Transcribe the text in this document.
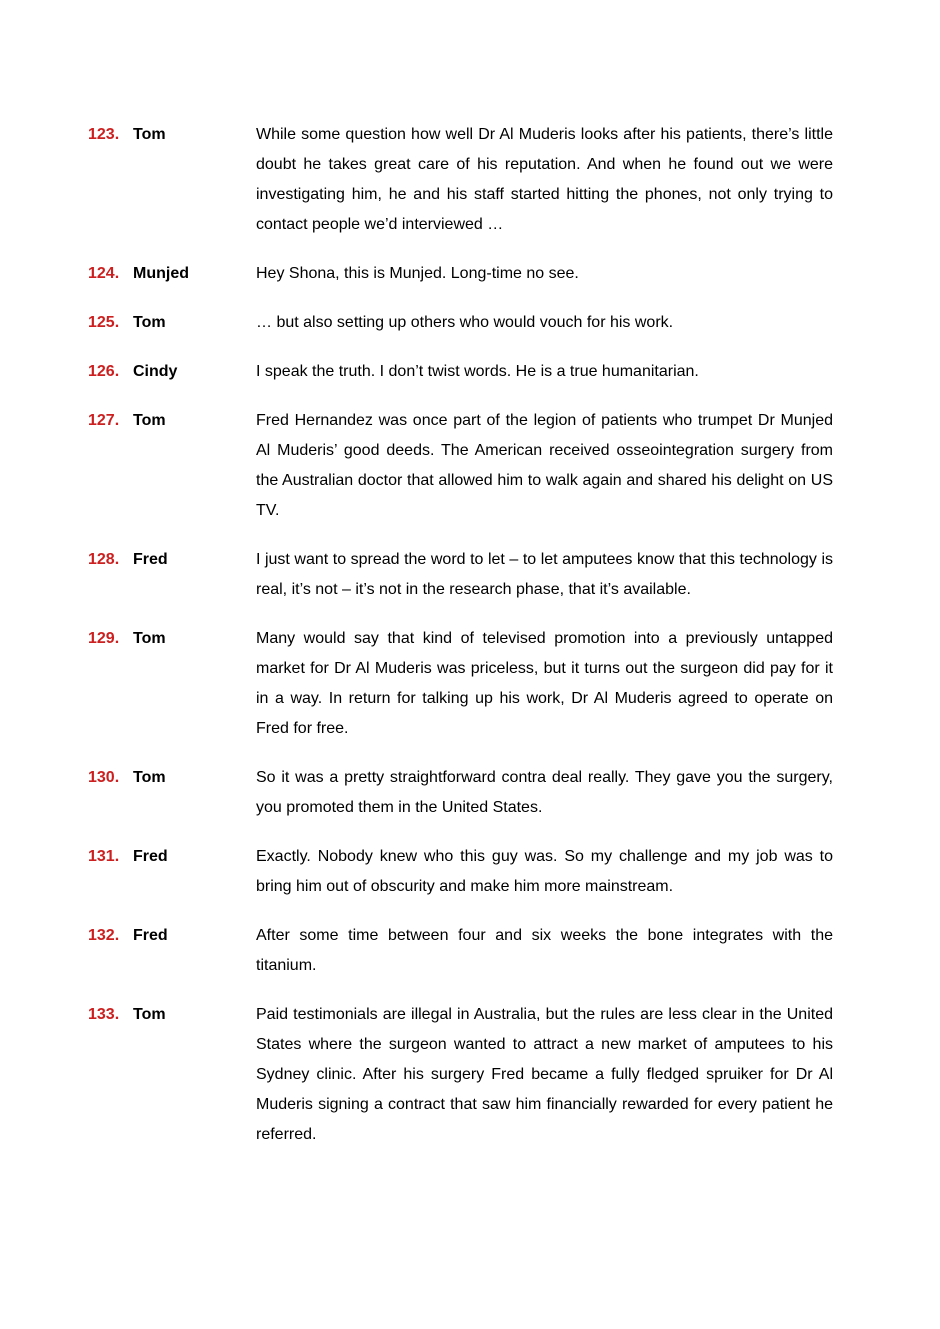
123. Tom	While some question how well Dr Al Muderis looks after his patients, there’s little doubt he takes great care of his reputation. And when he found out we were investigating him, he and his staff started hitting the phones, not only trying to contact people we’d interviewed …
124. Munjed	Hey Shona, this is Munjed. Long-time no see.
125. Tom	… but also setting up others who would vouch for his work.
126. Cindy	I speak the truth. I don’t twist words. He is a true humanitarian.
127. Tom	Fred Hernandez was once part of the legion of patients who trumpet Dr Munjed Al Muderis’ good deeds. The American received osseointegration surgery from the Australian doctor that allowed him to walk again and shared his delight on US TV.
128. Fred	I just want to spread the word to let – to let amputees know that this technology is real, it’s not – it’s not in the research phase, that it’s available.
129. Tom	Many would say that kind of televised promotion into a previously untapped market for Dr Al Muderis was priceless, but it turns out the surgeon did pay for it in a way. In return for talking up his work, Dr Al Muderis agreed to operate on Fred for free.
130. Tom	So it was a pretty straightforward contra deal really. They gave you the surgery, you promoted them in the United States.
131. Fred	Exactly. Nobody knew who this guy was. So my challenge and my job was to bring him out of obscurity and make him more mainstream.
132. Fred	After some time between four and six weeks the bone integrates with the titanium.
133. Tom	Paid testimonials are illegal in Australia, but the rules are less clear in the United States where the surgeon wanted to attract a new market of amputees to his Sydney clinic. After his surgery Fred became a fully fledged spruiker for Dr Al Muderis signing a contract that saw him financially rewarded for every patient he referred.
